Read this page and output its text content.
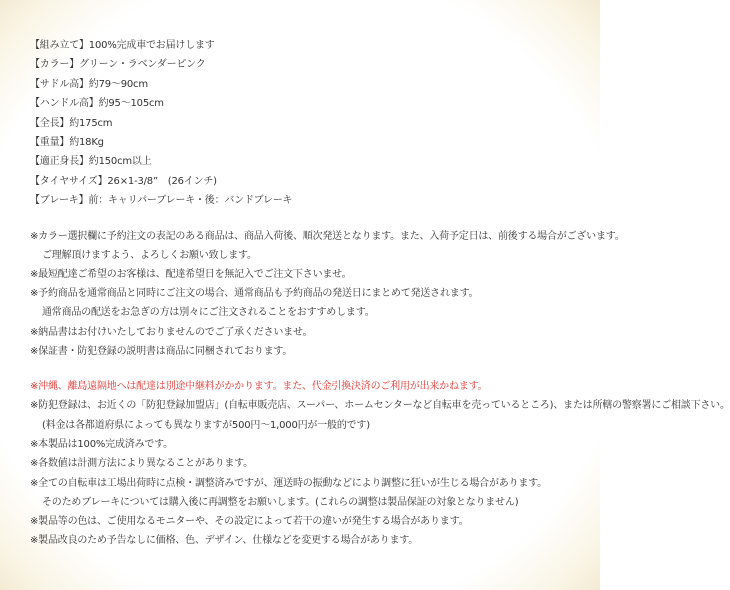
【組み立て】100%完成車でお届けします
【カラー】グリーン・ラベンダーピンク
【サドル高】約79～90cm
【ハンドル高】約95～105cm
【全長】約175cm
【重量】約18Kg
【適正身長】約150cm以上
【タイヤサイズ】26×1-3/8”　(26インチ)
【ブレーキ】前：キャリパーブレーキ・後：バンドブレーキ
※カラー選択欄に予約注文の表記のある商品は、商品入荷後、順次発送となります。また、入荷予定日は、前後する場合がございます。
ご理解頂けますよう、よろしくお願い致します。
※最短配達ご希望のお客様は、配達希望日を無記入でご注文下さいませ。
※予約商品を通常商品と同時にご注文の場合、通常商品も予約商品の発送日にまとめて発送されます。
通常商品の配送をお急ぎの方は別々にご注文されることをおすすめします。
※納品書はお付けいたしておりませんのでご了承くださいませ。
※保証書・防犯登録の説明書は商品に同梱されております。
※沖縄、離島遠隔地へは配達は別途中継料がかかります。また、代金引換決済のご利用が出来かねます。
※防犯登録は、お近くの「防犯登録加盟店」(自転車販売店、スーパー、ホームセンターなど自転車を売っているところ)、または所轄の警察署にご相談下さい。
(料金は各都道府県によっても異なりますが500円～1,000円が一般的です)
※本製品は100%完成済みです。
※各数値は計測方法により異なることがあります。
※全ての自転車は工場出荷時に点検・調整済みですが、運送時の振動などにより調整に狂いが生じる場合があります。
そのためブレーキについては購入後に再調整をお願いします。(これらの調整は製品保証の対象となりません)
※製品等の色は、ご使用なるモニターや、その設定によって若干の違いが発生する場合があります。
※製品改良のため予告なしに価格、色、デザイン、仕様などを変更する場合があります。
